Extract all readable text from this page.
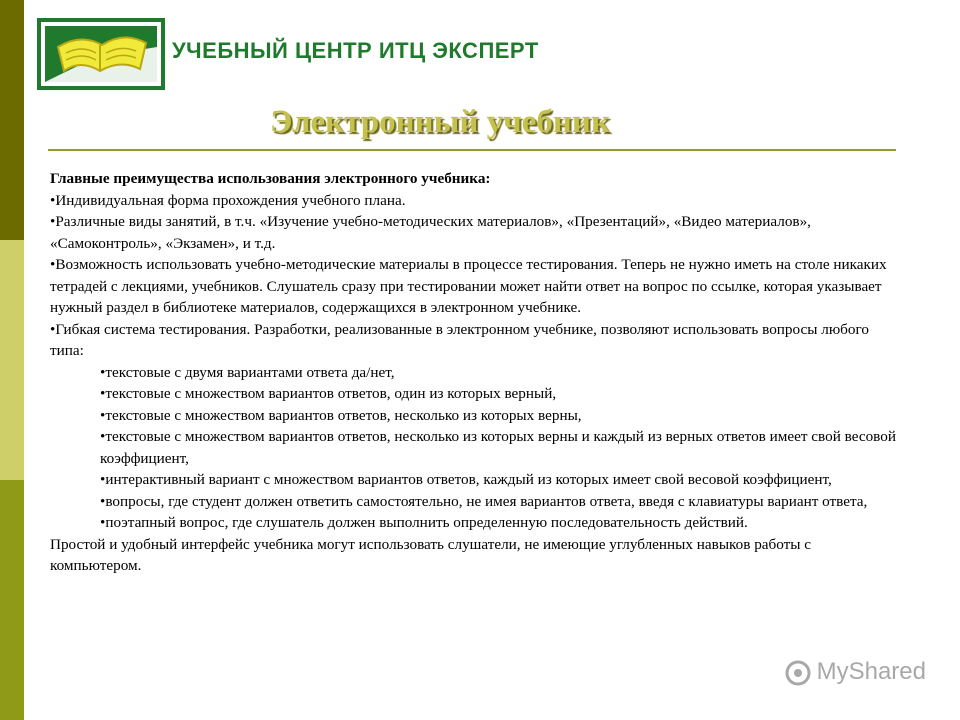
УЧЕБНЫЙ ЦЕНТР ИТЦ ЭКСПЕРТ
Электронный учебник

Главные преимущества использования электронного учебника:

•Индивидуальная форма прохождения учебного плана.

•Различные виды занятий, в т.ч. «Изучение учебно-методических материалов», «Презентаций», «Видео материалов», «Самоконтроль», «Экзамен», и т.д.

•Возможность использовать учебно-методические материалы в процессе тестирования. Теперь не нужно иметь на столе никаких тетрадей с лекциями, учебников. Слушатель сразу при тестировании может найти ответ на вопрос по ссылке, которая указывает нужный раздел в библиотеке материалов, содержащихся в электронном учебнике.

•Гибкая система тестирования. Разработки, реализованные в электронном учебнике, позволяют использовать вопросы любого типа:

•текстовые с двумя вариантами ответа да/нет,

•текстовые с множеством вариантов ответов, один из которых верный,

•текстовые с множеством вариантов ответов, несколько из которых верны,

•текстовые с множеством вариантов ответов, несколько из которых верны и каждый из верных ответов имеет свой весовой коэффициент,

•интерактивный вариант с множеством вариантов ответов, каждый из которых имеет свой весовой коэффициент,

•вопросы, где студент должен ответить самостоятельно, не имея вариантов ответа, введя с клавиатуры вариант ответа,

•поэтапный вопрос, где слушатель должен выполнить определенную последовательность действий.

Простой и удобный интерфейс учебника могут использовать слушатели, не имеющие углубленных навыков работы с компьютером.

MyShared
